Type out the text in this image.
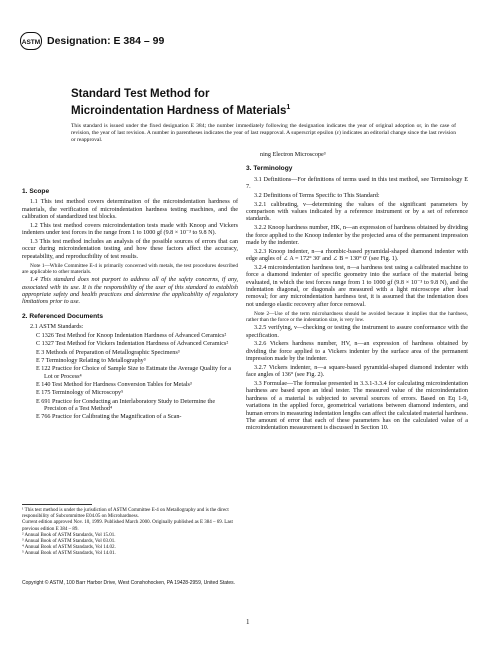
ASTM Designation: E 384 – 99
Standard Test Method for
Microindentation Hardness of Materials$^1$
This standard is issued under the fixed designation E 384; the number immediately following the designation indicates the year of original adoption or, in the case of revision, the year of last revision. A number in parentheses indicates the year of last reapproval. A superscript epsilon (ε) indicates an editorial change since the last revision or reapproval.
1. Scope

1.1 This test method covers determination of the microindentation hardness of materials, the verification of microindentation hardness testing machines, and the calibration of standardized test blocks.

1.2 This test method covers microindentation tests made with Knoop and Vickers indenters under test forces in the range from 1 to 1000 gf (9.8 × 10⁻³ to 9.8 N).

1.3 This test method includes an analysis of the possible sources of errors that can occur during microindentation testing and how these factors affect the accuracy, repeatability, and reproducibility of test results.

Note 1—While Committee E-4 is primarily concerned with metals, the test procedures described are applicable to other materials.

1.4 This standard does not purport to address all of the safety concerns, if any, associated with its use. It is the responsibility of the user of this standard to establish appropriate safety and health practices and determine the applicability of regulatory limitations prior to use.

2. Referenced Documents

2.1 ASTM Standards:

C 1326 Test Method for Knoop Indentation Hardness of Advanced Ceramics²

C 1327 Test Method for Vickers Indentation Hardness of Advanced Ceramics²

E 3 Methods of Preparation of Metallographic Specimens³

E 7 Terminology Relating to Metallography³

E 122 Practice for Choice of Sample Size to Estimate the Average Quality for a Lot or Process⁴

E 140 Test Method for Hardness Conversion Tables for Metals³

E 175 Terminology of Microscopy⁵

E 691 Practice for Conducting an Interlaboratory Study to Determine the Precision of a Test Method⁴

E 766 Practice for Calibrating the Magnification of a Scan-

¹ This test method is under the jurisdiction of ASTM Committee E-4 on Metallography and is the direct responsibility of Subcommittee E04.05 on Microhardness.

Current edition approved Nov. 10, 1999. Published March 2000. Originally published as E 384 – 69. Last previous edition E 384 – 89.

² Annual Book of ASTM Standards, Vol 15.01.

³ Annual Book of ASTM Standards, Vol 03.01.

⁴ Annual Book of ASTM Standards, Vol 14.02.

⁵ Annual Book of ASTM Standards, Vol 14.01.

ning Electron Microscope³

3. Terminology

3.1 Definitions—For definitions of terms used in this test method, see Terminology E 7.

3.2 Definitions of Terms Specific to This Standard:

3.2.1 calibrating, v—determining the values of the significant parameters by comparison with values indicated by a reference instrument or by a set of reference standards.

3.2.2 Knoop hardness number, HK, n—an expression of hardness obtained by dividing the force applied to the Knoop indenter by the projected area of the permanent impression made by the indenter.

3.2.3 Knoop indenter, n—a rhombic-based pyramidal-shaped diamond indenter with edge angles of ∠ A = 172° 30′ and ∠ B = 130° 0′ (see Fig. 1).

3.2.4 microindentation hardness test, n—a hardness test using a calibrated machine to force a diamond indenter of specific geometry into the surface of the material being evaluated, in which the test forces range from 1 to 1000 gf (9.8 × 10⁻³ to 9.8 N), and the indentation diagonal, or diagonals are measured with a light microscope after load removal; for any microindentation hardness test, it is assumed that the indentation does not undergo elastic recovery after force removal.

Note 2—Use of the term microhardness should be avoided because it implies that the hardness, rather than the force or the indentation size, is very low.

3.2.5 verifying, v—checking or testing the instrument to assure conformance with the specification.

3.2.6 Vickers hardness number, HV, n—an expression of hardness obtained by dividing the force applied to a Vickers indenter by the surface area of the permanent impression made by the indenter.

3.2.7 Vickers indenter, n—a square-based pyramidal-shaped diamond indenter with face angles of 136° (see Fig. 2).

3.3 Formulae—The formulae presented in 3.3.1-3.3.4 for calculating microindentation hardness are based upon an ideal tester. The measured value of the microindentation hardness of a material is subjected to several sources of errors. Based on Eq 1-9, variations in the applied force, geometrical variations between diamond indenters, and human errors in measuring indentation lengths can affect the calculated material hardness. The amount of error that each of these parameters has on the calculated value of a microindentation measurement is discussed in Section 10.

Copyright © ASTM, 100 Barr Harbor Drive, West Conshohocken, PA 19428-2959, United States.
1
